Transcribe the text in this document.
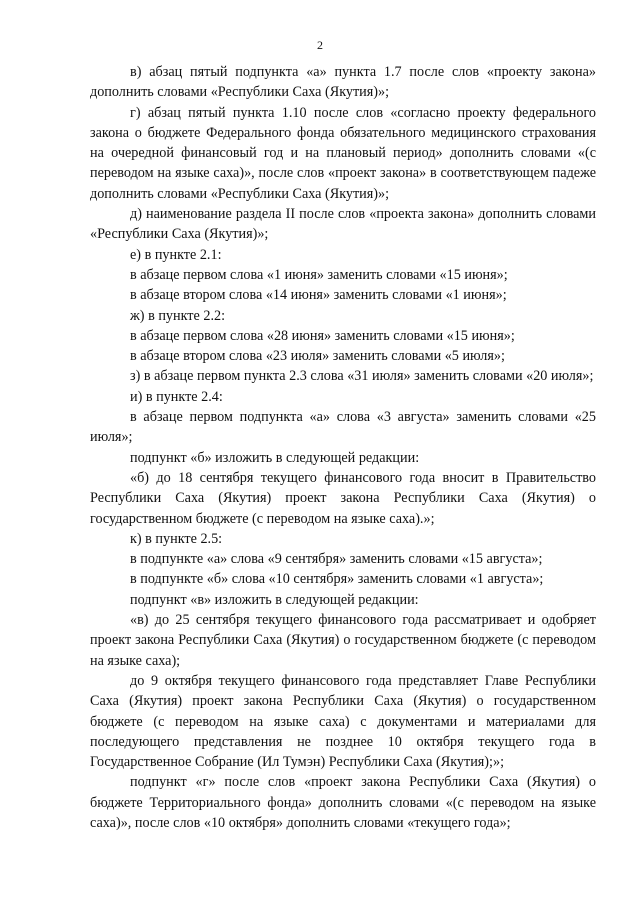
2

в) абзац пятый подпункта «а» пункта 1.7 после слов «проекту закона» дополнить словами «Республики Саха (Якутия)»;

г) абзац пятый пункта 1.10 после слов «согласно проекту федерального закона о бюджете Федерального фонда обязательного медицинского страхования на очередной финансовый год и на плановый период» дополнить словами «(с переводом на языке саха)», после слов «проект закона» в соответствующем падеже дополнить словами «Республики Саха (Якутия)»;

д) наименование раздела II после слов «проекта закона» дополнить словами «Республики Саха (Якутия)»;

е) в пункте 2.1:

в абзаце первом слова «1 июня» заменить словами «15 июня»;

в абзаце втором слова «14 июня» заменить словами «1 июня»;

ж) в пункте 2.2:

в абзаце первом слова «28 июня» заменить словами «15 июня»;

в абзаце втором слова «23 июля» заменить словами «5 июля»;

з) в абзаце первом пункта 2.3 слова «31 июля» заменить словами «20 июля»;

и) в пункте 2.4:

в абзаце первом подпункта «а» слова «3 августа» заменить словами «25 июля»;

подпункт «б» изложить в следующей редакции:

«б) до 18 сентября текущего финансового года вносит в Правительство Республики Саха (Якутия) проект закона Республики Саха (Якутия) о государственном бюджете (с переводом на языке саха).»;

к) в пункте 2.5:

в подпункте «а» слова «9 сентября» заменить словами «15 августа»;

в подпункте «б» слова «10 сентября» заменить словами «1 августа»;

подпункт «в» изложить в следующей редакции:

«в) до 25 сентября текущего финансового года рассматривает и одобряет проект закона Республики Саха (Якутия) о государственном бюджете (с переводом на языке саха);

до 9 октября текущего финансового года представляет Главе Республики Саха (Якутия) проект закона Республики Саха (Якутия) о государственном бюджете (с переводом на языке саха) с документами и материалами для последующего представления не позднее 10 октября текущего года в Государственное Собрание (Ил Тумэн) Республики Саха (Якутия);»;

подпункт «г» после слов «проект закона Республики Саха (Якутия) о бюджете Территориального фонда» дополнить словами «(с переводом на языке саха)», после слов «10 октября» дополнить словами «текущего года»;
